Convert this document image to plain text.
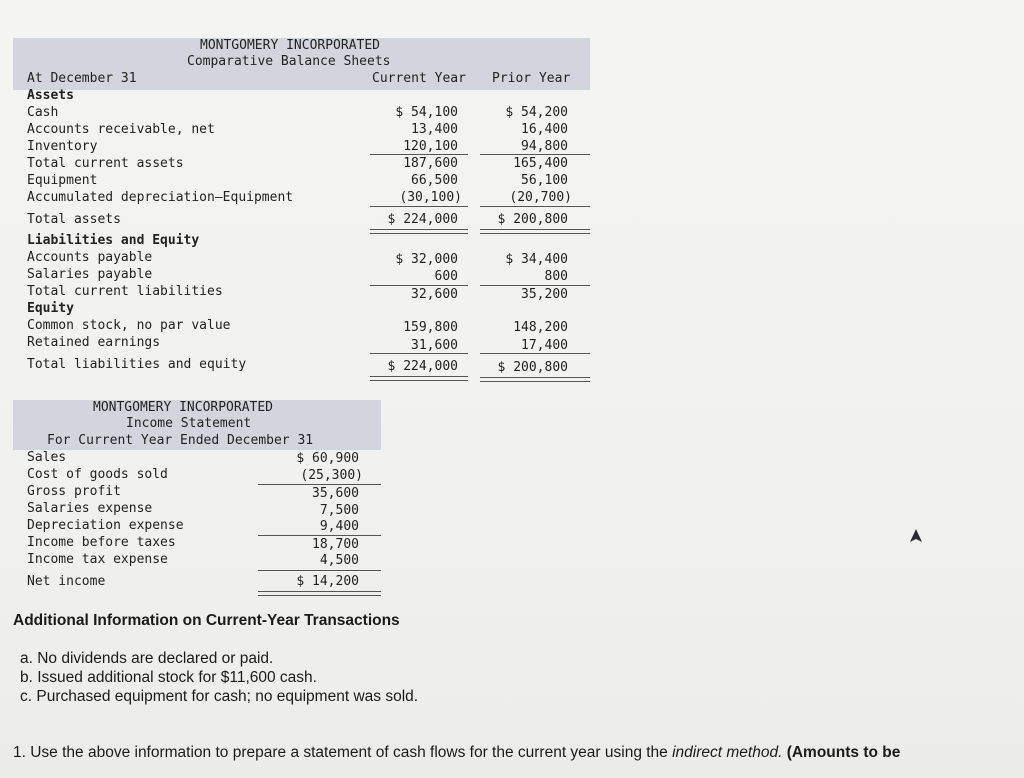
MONTGOMERY INCORPORATED
Comparative Balance Sheets
At December 31	Current Year Prior Year
Assets
Cash	$ 54,100	$ 54,200
Accounts receivable, net	13,400	16,400
Inventory	120,100	94,800
Total current assets	187,600	165,400
Equipment	66,500	56,100
Accumulated depreciation—Equipment	(30,100)	(20,700)
Total assets	$ 224,000	$ 200,800
Liabilities and Equity
Accounts payable	$ 32,000	$ 34,400
Salaries payable	600	800
Total current liabilities	32,600	35,200
Equity
Common stock, no par value	159,800	148,200
Retained earnings	31,600	17,400
Total liabilities and equity	$ 224,000	$ 200,800
MONTGOMERY INCORPORATED
Income Statement
For Current Year Ended December 31
Sales	$ 60,900
Cost of goods sold	(25,300)
Gross profit	35,600
Salaries expense	7,500
Depreciation expense	9,400
Income before taxes	18,700
Income tax expense	4,500
Net income	$ 14,200
Additional Information on Current-Year Transactions
a. No dividends are declared or paid.
b. Issued additional stock for $11,600 cash.
c. Purchased equipment for cash; no equipment was sold.
1. Use the above information to prepare a statement of cash flows for the current year using the indirect method. (Amounts to be
